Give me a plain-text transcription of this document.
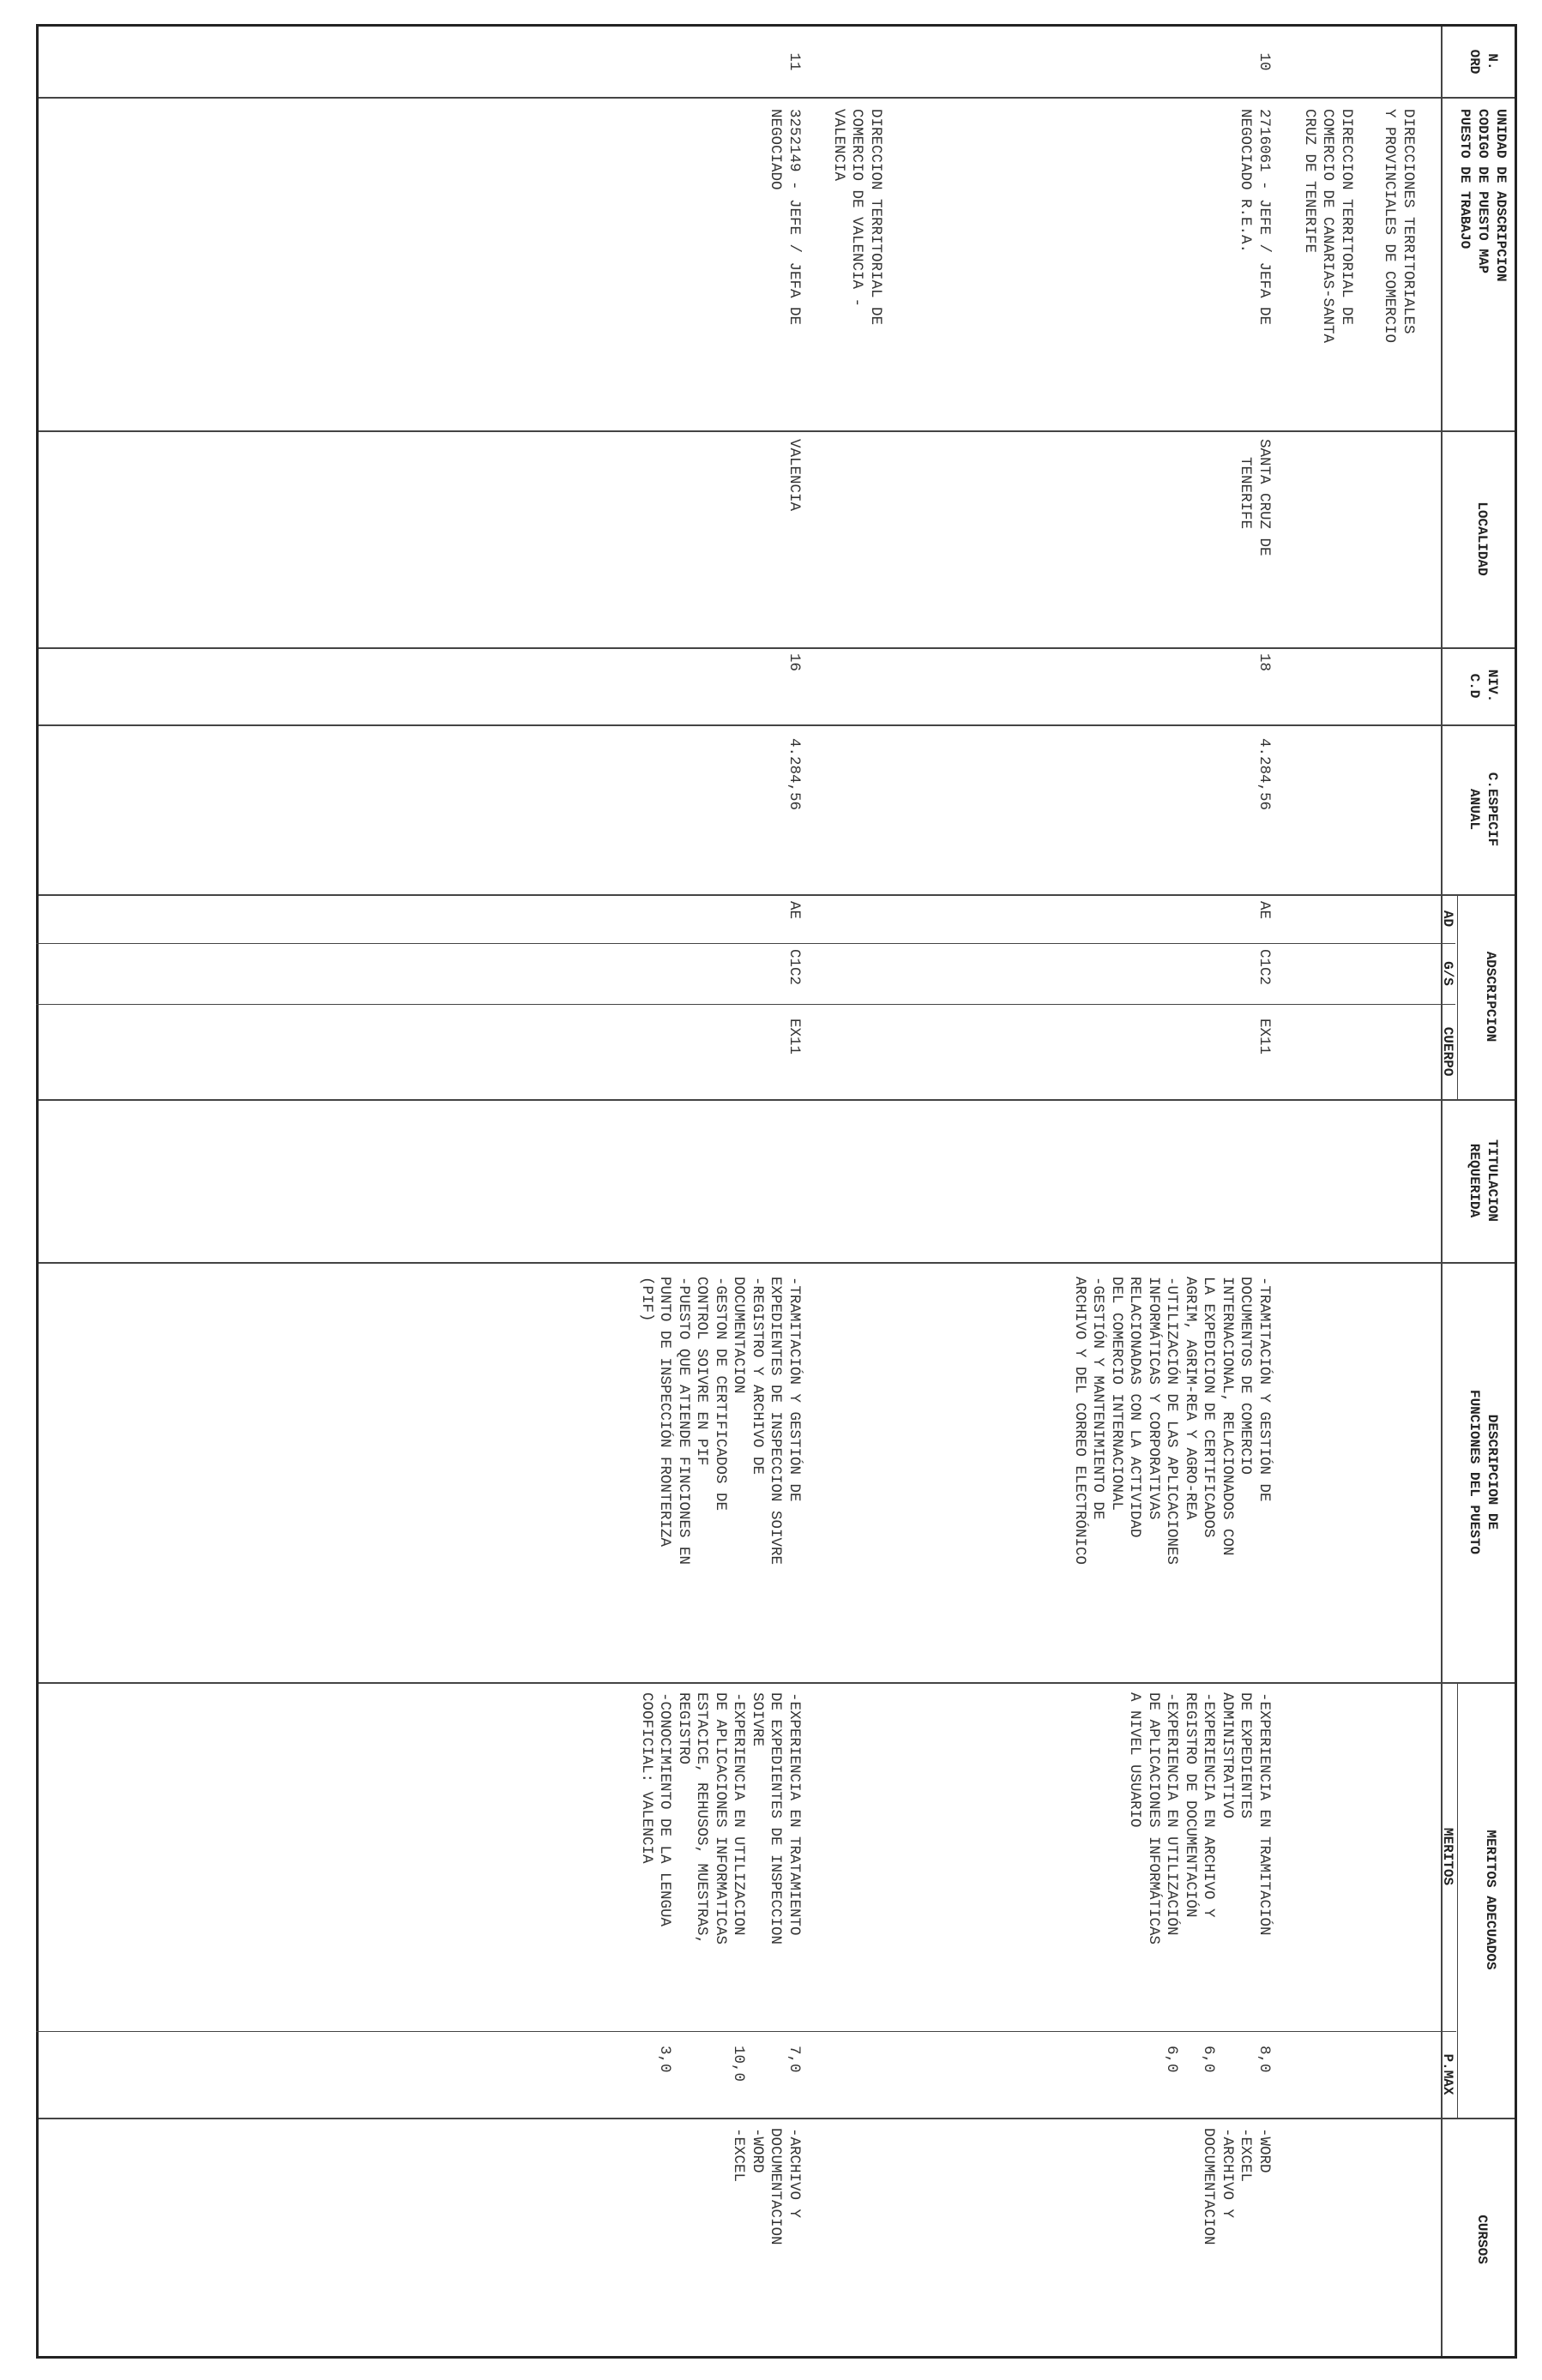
N.
ORD
UNIDAD DE ADSCRIPCION
CODIGO DE PUESTO MAP
PUESTO DE TRABAJO
LOCALIDAD
NIV.
C.D
C.ESPECIF
ANUAL
ADSCRIPCION
AD
G/S
CUERPO
TITULACION
REQUERIDA
DESCRIPCION DE
FUNCIONES DEL PUESTO
MERITOS ADECUADOS
MERITOS
P.MAX
CURSOS
DIRECCIONES TERRITORIALES
Y PROVINCIALES DE COMERCIO
DIRECCION TERRITORIAL DE
COMERCIO DE CANARIAS-SANTA
CRUZ DE TENERIFE
DIRECCION TERRITORIAL DE
COMERCIO DE VALENCIA -
VALENCIA
10
2716061 - JEFE / JEFA DE
NEGOCIADO R.E.A.
SANTA CRUZ DE
TENERIFE
18
4.284,56
AE
C1C2
EX11
-TRAMITACIÓN Y GESTIÓN DE
DOCUMENTOS DE COMERCIO
INTERNACIONAL, RELACIONADOS CON
LA EXPEDICION DE CERTIFICADOS
AGRIM, AGRIM-REA Y AGRO-REA
-UTILIZACIÓN DE LAS APLICACIONES
INFORMÁTICAS Y CORPORATIVAS
RELACIONADAS CON LA ACTIVIDAD
DEL COMERCIO INTERNACIONAL
-GESTIÓN Y MANTENIMIENTO DE
ARCHIVO Y DEL CORREO ELECTRÓNICO
-EXPERIENCIA EN TRAMITACIÓN
DE EXPEDIENTES
ADMINISTRATIVO
-EXPERIENCIA EN ARCHIVO Y
REGISTRO DE DOCUMENTACIÓN
-EXPERIENCIA EN UTILIZACIÓN
DE APLICACIONES INFORMÁTICAS
A NIVEL USUARIO
8,0

6,0

6,0
-WORD
-EXCEL
-ARCHIVO Y
DOCUMENTACION
11
3252149 - JEFE / JEFA DE
NEGOCIADO
VALENCIA
16
4.284,56
AE
C1C2
EX11
-TRAMITACIÓN Y GESTIÓN DE
EXPEDIENTES DE INSPECCION SOIVRE
-REGISTRO Y ARCHIVO DE
DOCUMENTACION
-GESTON DE CERTIFICADOS DE
CONTROL SOIVRE EN PIF
-PUESTO QUE ATIENDE FINCIONES EN
PUNTO DE INSPECCIÓN FRONTERIZA
(PIF)
-EXPERIENCIA EN TRATAMIENTO
DE EXPEDIENTES DE INSPECCION
SOIVRE
-EXPERIENCIA EN UTILIZACION
DE APLICACIONES INFORMATICAS
ESTACICE, REHUSOS, MUESTRAS,
REGISTRO
-CONOCIMIENTO DE LA LENGUA
COOFICIAL: VALENCIA
7,0

10,0

3,0
-ARCHIVO Y
DOCUMENTACION
-WORD
-EXCEL
